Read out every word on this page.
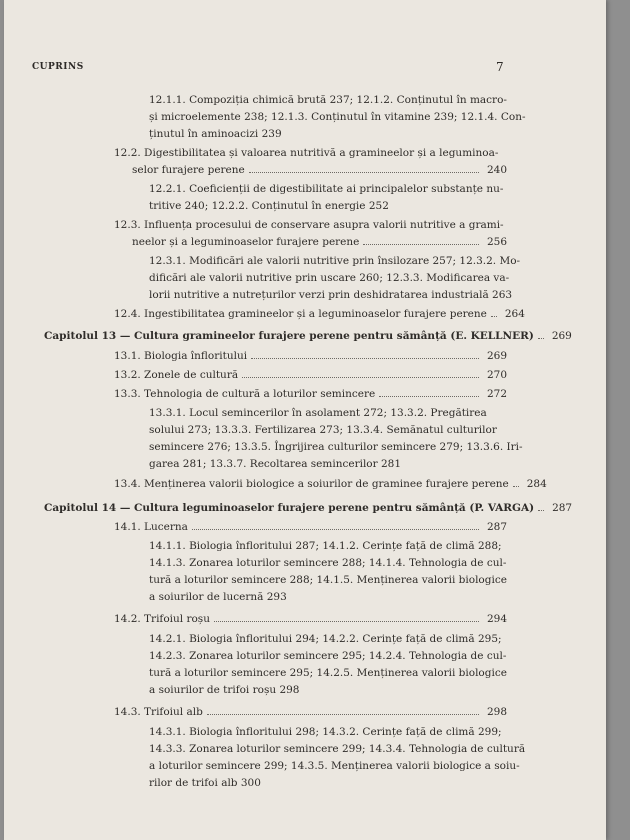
CUPRINS	7
12.1.1. Compoziția chimică brută 237; 12.1.2. Conținutul în macro-
și microelemente 238; 12.1.3. Conținutul în vitamine 239; 12.1.4. Con-
ținutul în aminoacizi 239
12.2. Digestibilitatea și valoarea nutritivă a gramineelor și a leguminoa-
selor furajere perene	240
12.2.1. Coeficienții de digestibilitate ai principalelor substanțe nu-
tritive 240; 12.2.2. Conținutul în energie 252
12.3. Influența procesului de conservare asupra valorii nutritive a grami-
neelor și a leguminoaselor furajere perene	256
12.3.1. Modificări ale valorii nutritive prin însilozare 257; 12.3.2. Mo-
dificări ale valorii nutritive prin uscare 260; 12.3.3. Modificarea va-
lorii nutritive a nutrețurilor verzi prin deshidratarea industrială 263
12.4. Ingestibilitatea gramineelor și a leguminoaselor furajere perene	264
Capitolul 13 — Cultura gramineelor furajere perene pentru sămânță (E. KELLNER)	269
13.1. Biologia înfloritului	269
13.2. Zonele de cultură	270
13.3. Tehnologia de cultură a loturilor semincere	272
13.3.1. Locul semincerilor în asolament 272; 13.3.2. Pregătirea
solului 273; 13.3.3. Fertilizarea 273; 13.3.4. Semănatul culturilor
semincere 276; 13.3.5. Îngrijirea culturilor semincere 279; 13.3.6. Iri-
garea 281; 13.3.7. Recoltarea semincerilor 281
13.4. Menținerea valorii biologice a soiurilor de graminee furajere perene	284
Capitolul 14 — Cultura leguminoaselor furajere perene pentru sămânță (P. VARGA)	287
14.1. Lucerna	287
14.1.1. Biologia înfloritului 287; 14.1.2. Cerințe față de climă 288;
14.1.3. Zonarea loturilor semincere 288; 14.1.4. Tehnologia de cul-
tură a loturilor semincere 288; 14.1.5. Menținerea valorii biologice
a soiurilor de lucernă 293
14.2. Trifoiul roșu	294
14.2.1. Biologia înfloritului 294; 14.2.2. Cerințe față de climă 295;
14.2.3. Zonarea loturilor semincere 295; 14.2.4. Tehnologia de cul-
tură a loturilor semincere 295; 14.2.5. Menținerea valorii biologice
a soiurilor de trifoi roșu 298
14.3. Trifoiul alb	298
14.3.1. Biologia înfloritului 298; 14.3.2. Cerințe față de climă 299;
14.3.3. Zonarea loturilor semincere 299; 14.3.4. Tehnologia de cultură
a loturilor semincere 299; 14.3.5. Menținerea valorii biologice a soiu-
rilor de trifoi alb 300
